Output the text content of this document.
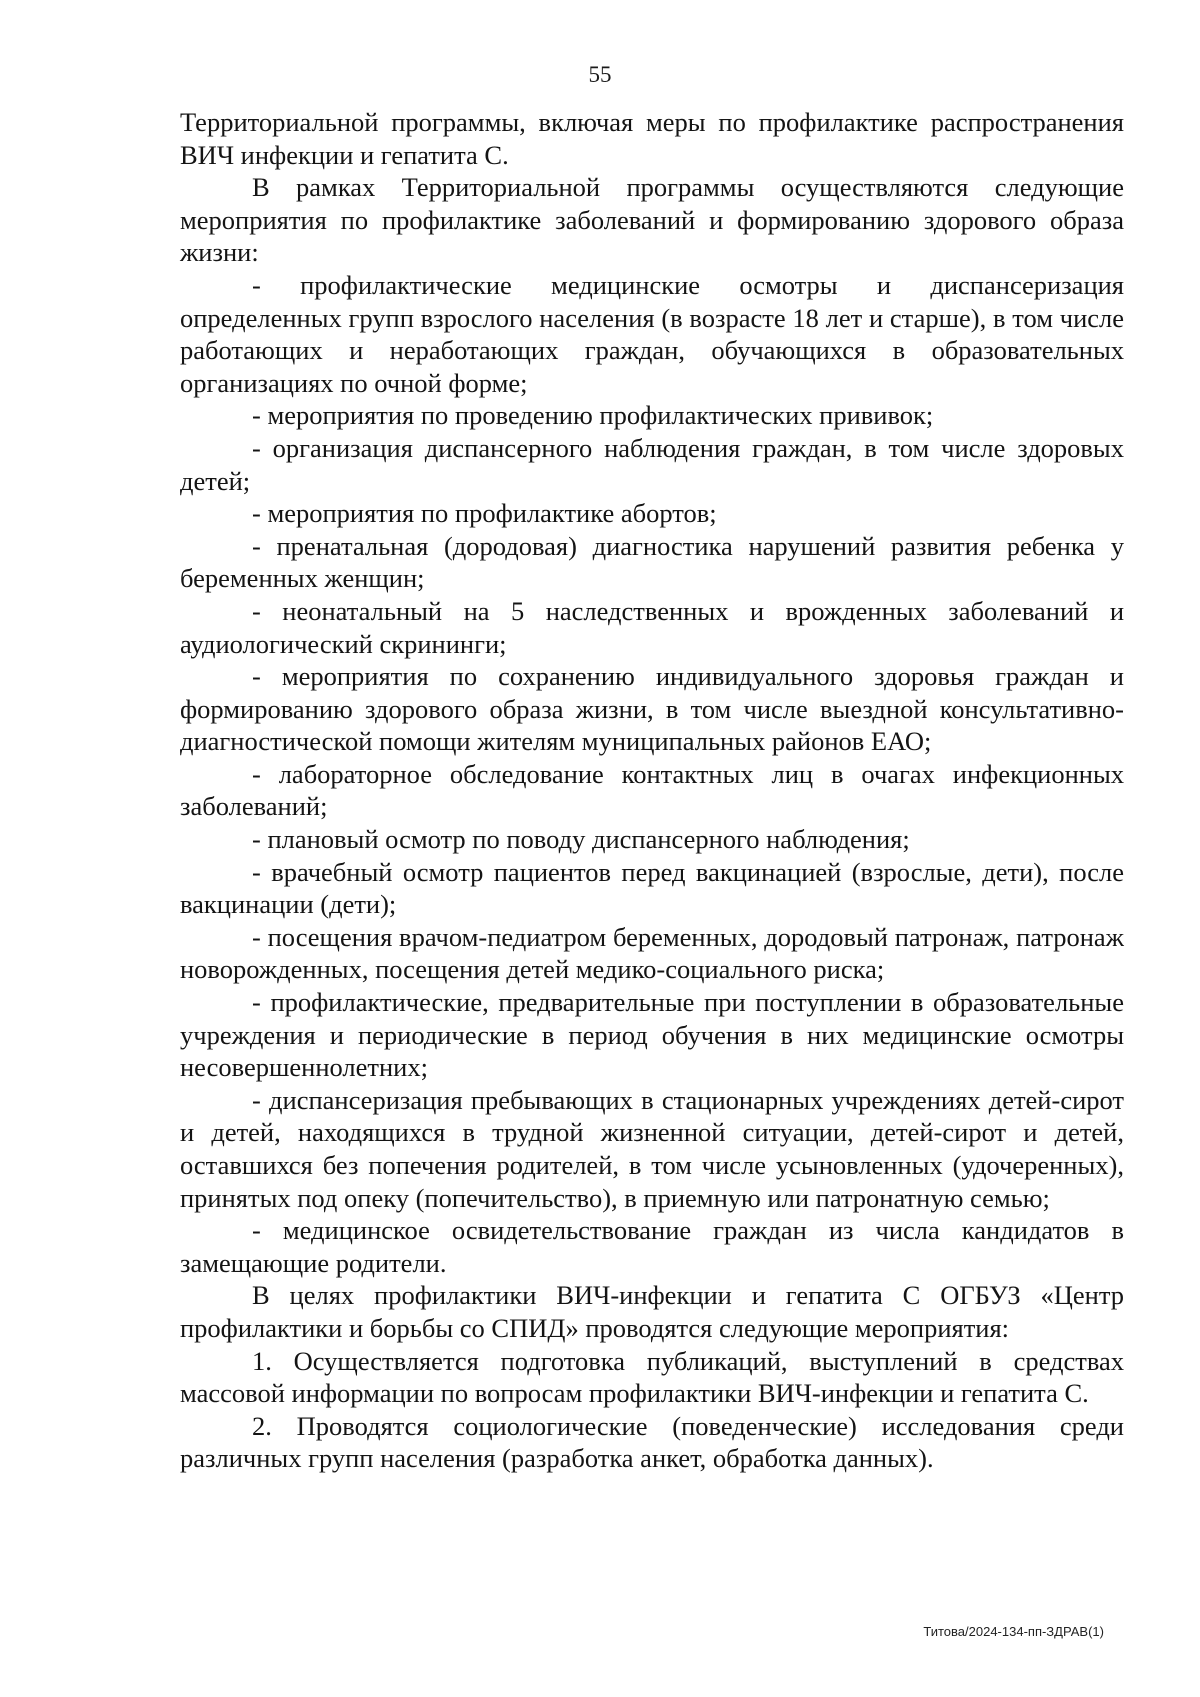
55

Территориальной программы, включая меры по профилактике распространения ВИЧ инфекции и гепатита С.

В рамках Территориальной программы осуществляются следующие мероприятия по профилактике заболеваний и формированию здорового образа жизни:

- профилактические медицинские осмотры и диспансеризация определенных групп взрослого населения (в возрасте 18 лет и старше), в том числе работающих и неработающих граждан, обучающихся в образовательных организациях по очной форме;

- мероприятия по проведению профилактических прививок;

- организация диспансерного наблюдения граждан, в том числе здоровых детей;

- мероприятия по профилактике абортов;

- пренатальная (дородовая) диагностика нарушений развития ребенка у беременных женщин;

- неонатальный на 5 наследственных и врожденных заболеваний и аудиологический скрининги;

- мероприятия по сохранению индивидуального здоровья граждан и формированию здорового образа жизни, в том числе выездной консультативно-диагностической помощи жителям муниципальных районов ЕАО;

- лабораторное обследование контактных лиц в очагах инфекционных заболеваний;

- плановый осмотр по поводу диспансерного наблюдения;

- врачебный осмотр пациентов перед вакцинацией (взрослые, дети), после вакцинации (дети);

- посещения врачом-педиатром беременных, дородовый патронаж, патронаж новорожденных, посещения детей медико-социального риска;

- профилактические, предварительные при поступлении в образовательные учреждения и периодические в период обучения в них медицинские осмотры несовершеннолетних;

- диспансеризация пребывающих в стационарных учреждениях детей-сирот и детей, находящихся в трудной жизненной ситуации, детей-сирот и детей, оставшихся без попечения родителей, в том числе усыновленных (удочеренных), принятых под опеку (попечительство), в приемную или патронатную семью;

- медицинское освидетельствование граждан из числа кандидатов в замещающие родители.

В целях профилактики ВИЧ-инфекции и гепатита С ОГБУЗ «Центр профилактики и борьбы со СПИД» проводятся следующие мероприятия:

1. Осуществляется подготовка публикаций, выступлений в средствах массовой информации по вопросам профилактики ВИЧ-инфекции и гепатита С.

2. Проводятся социологические (поведенческие) исследования среди различных групп населения (разработка анкет, обработка данных).

Титова/2024-134-пп-ЗДРАВ(1)
